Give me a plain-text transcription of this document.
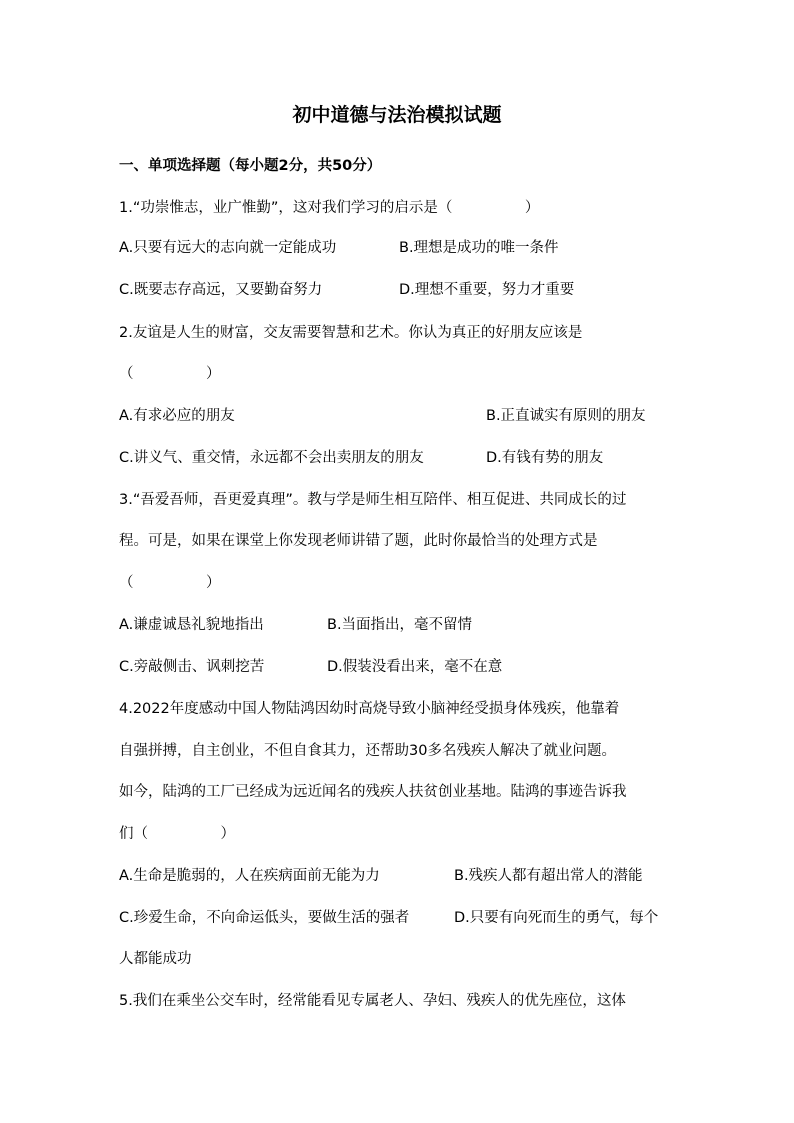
初中道德与法治模拟试题
一、单项选择题（每小题2分，共50分）
1.“功崇惟志，业广惟勤”，这对我们学习的启示是（　　　　　）
A.只要有远大的志向就一定能成功	B.理想是成功的唯一条件
C.既要志存高远，又要勤奋努力	D.理想不重要，努力才重要
2.友谊是人生的财富，交友需要智慧和艺术。你认为真正的好朋友应该是
（　　　　　）
A.有求必应的朋友	B.正直诚实有原则的朋友
C.讲义气、重交情，永远都不会出卖朋友的朋友	D.有钱有势的朋友
3.“吾爱吾师，吾更爱真理”。教与学是师生相互陪伴、相互促进、共同成长的过
程。可是，如果在课堂上你发现老师讲错了题，此时你最恰当的处理方式是
（　　　　　）
A.谦虚诚恳礼貌地指出	B.当面指出，毫不留情
C.旁敲侧击、讽刺挖苦	D.假装没看出来，毫不在意
4.2022年度感动中国人物陆鸿因幼时高烧导致小脑神经受损身体残疾，他靠着
自强拼搏，自主创业，不但自食其力，还帮助30多名残疾人解决了就业问题。
如今，陆鸿的工厂已经成为远近闻名的残疾人扶贫创业基地。陆鸿的事迹告诉我
们（　　　　　）
A.生命是脆弱的，人在疾病面前无能为力	B.残疾人都有超出常人的潜能
C.珍爱生命，不向命运低头，要做生活的强者	D.只要有向死而生的勇气，每个
人都能成功
5.我们在乘坐公交车时，经常能看见专属老人、孕妇、残疾人的优先座位，这体
